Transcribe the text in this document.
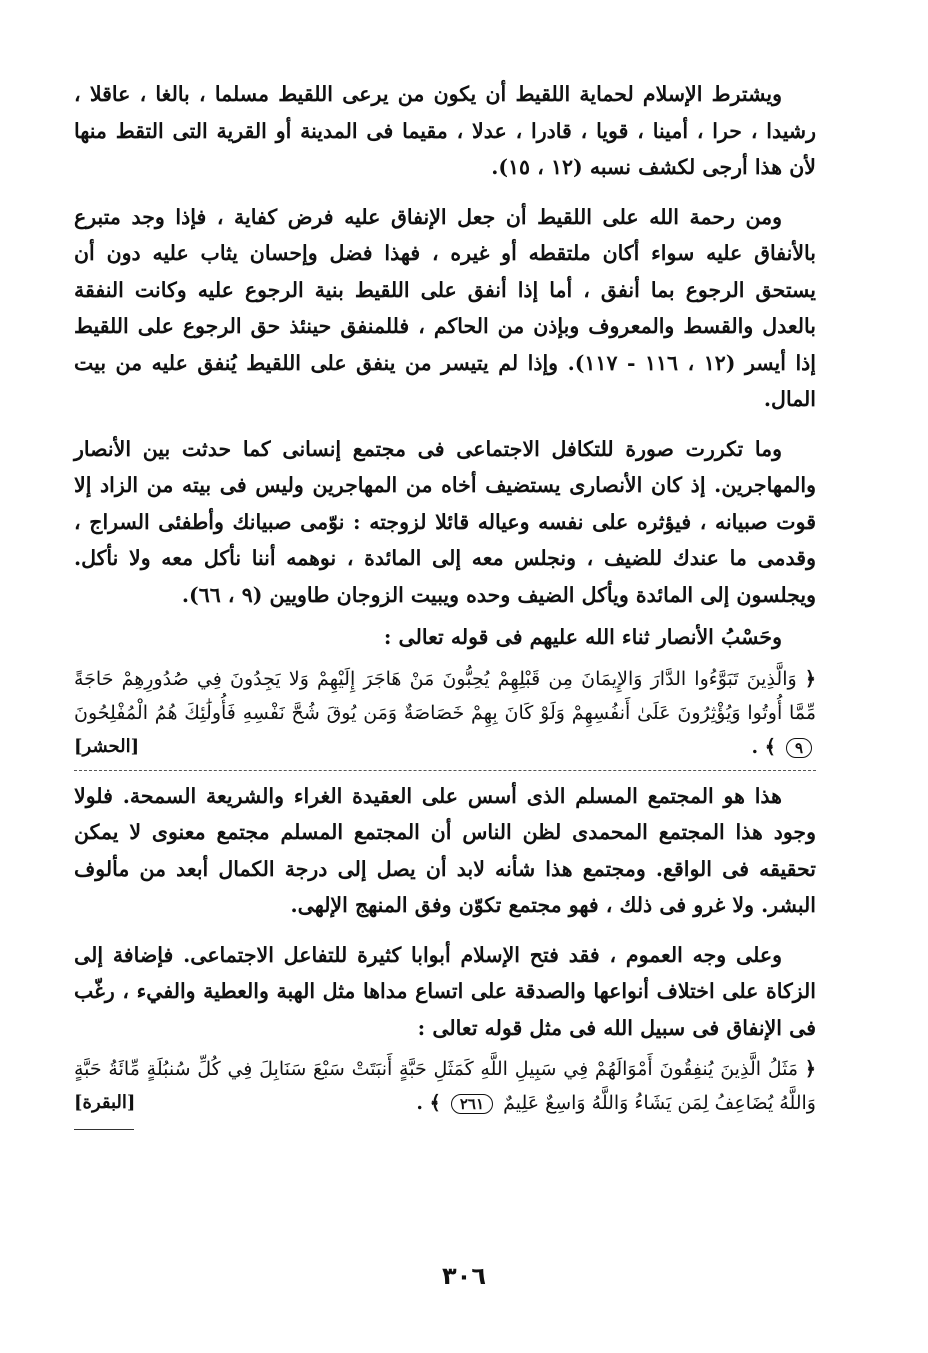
ويشترط الإسلام لحماية اللقيط أن يكون من يرعى اللقيط مسلما ، بالغا ، عاقلا ، رشيدا ، حرا ، أمينا ، قويا ، قادرا ، عدلا ، مقيما فى المدينة أو القرية التى التقط منها لأن هذا أرجى لكشف نسبه (١٢ ، ١٥).

ومن رحمة الله على اللقيط أن جعل الإنفاق عليه فرض كفاية ، فإذا وجد متبرع بالأنفاق عليه سواء أكان ملتقطه أو غيره ، فهذا فضل وإحسان يثاب عليه دون أن يستحق الرجوع بما أنفق ، أما إذا أنفق على اللقيط بنية الرجوع عليه وكانت النفقة بالعدل والقسط والمعروف وبإذن من الحاكم ، فللمنفق حينئذ حق الرجوع على اللقيط إذا أيسر (١٢ ، ١١٦ - ١١٧). وإذا لم يتيسر من ينفق على اللقيط يُنفق عليه من بيت المال.

وما تكررت صورة للتكافل الاجتماعى فى مجتمع إنسانى كما حدثت بين الأنصار والمهاجرين. إذ كان الأنصارى يستضيف أخاه من المهاجرين وليس فى بيته من الزاد إلا قوت صبيانه ، فيؤثره على نفسه وعياله قائلا لزوجته : نوّمى صبيانك وأطفئى السراج ، وقدمى ما عندك للضيف ، ونجلس معه إلى المائدة ، نوهمه أننا نأكل معه ولا نأكل. ويجلسون إلى المائدة ويأكل الضيف وحده ويبيت الزوجان طاويين (٩ ، ٦٦).

وحَسْبُ الأنصار ثناء الله عليهم فى قوله تعالى :

﴿ وَالَّذِينَ تَبَوَّءُوا الدَّارَ وَالإِيمَانَ مِن قَبْلِهِمْ يُحِبُّونَ مَنْ هَاجَرَ إِلَيْهِمْ وَلا يَجِدُونَ فِي صُدُورِهِمْ حَاجَةً مِّمَّا أُوتُوا وَيُؤْثِرُونَ عَلَىٰ أَنفُسِهِمْ وَلَوْ كَانَ بِهِمْ خَصَاصَةٌ وَمَن يُوقَ شُحَّ نَفْسِهِ فَأُولَٰئِكَ هُمُ الْمُفْلِحُونَ ٩ ﴾ .
[الحشر]

هذا هو المجتمع المسلم الذى أسس على العقيدة الغراء والشريعة السمحة. فلولا وجود هذا المجتمع المحمدى لظن الناس أن المجتمع المسلم مجتمع معنوى لا يمكن تحقيقه فى الواقع. ومجتمع هذا شأنه لابد أن يصل إلى درجة الكمال أبعد من مألوف البشر. ولا غرو فى ذلك ، فهو مجتمع تكوّن وفق المنهج الإلهى.

وعلى وجه العموم ، فقد فتح الإسلام أبوابا كثيرة للتفاعل الاجتماعى. فإضافة إلى الزكاة على اختلاف أنواعها والصدقة على اتساع مداها مثل الهبة والعطية والفيء ، رغّب فى الإنفاق فى سبيل الله فى مثل قوله تعالى :

﴿ مَثَلُ الَّذِينَ يُنفِقُونَ أَمْوَالَهُمْ فِي سَبِيلِ اللَّهِ كَمَثَلِ حَبَّةٍ أَنبَتَتْ سَبْعَ سَنَابِلَ فِي كُلِّ سُنبُلَةٍ مِّائَةُ حَبَّةٍ وَاللَّهُ يُضَاعِفُ لِمَن يَشَاءُ وَاللَّهُ وَاسِعٌ عَلِيمٌ ٢٦١ ﴾ .
[البقرة]
٣٠٦
